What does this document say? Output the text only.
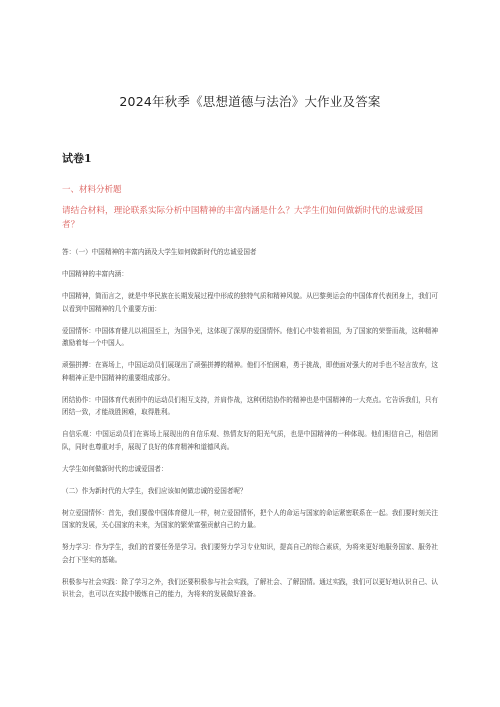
2024年秋季《思想道德与法治》大作业及答案
试卷1
一、材料分析题
请结合材料，理论联系实际分析中国精神的丰富内涵是什么？大学生们如何做新时代的忠诚爱国者？

答：（一）中国精神的丰富内涵及大学生如何做新时代的忠诚爱国者

中国精神的丰富内涵：

中国精神，简而言之，就是中华民族在长期发展过程中形成的独特气质和精神风貌。从巴黎奥运会的中国体育代表团身上，我们可以看到中国精神的几个重要方面：

爱国情怀：中国体育健儿以祖国至上，为国争光，这体现了深厚的爱国情怀。他们心中装着祖国，为了国家的荣誉而战，这种精神激励着每一个中国人。

顽强拼搏：在赛场上，中国运动员们展现出了顽强拼搏的精神。他们不怕困难，勇于挑战，即使面对强大的对手也不轻言放弃，这种精神正是中国精神的重要组成部分。

团结协作：中国体育代表团中的运动员们相互支持，并肩作战，这种团结协作的精神也是中国精神的一大亮点。它告诉我们，只有团结一致，才能战胜困难，取得胜利。

自信乐观：中国运动员们在赛场上展现出的自信乐观、热情友好的阳光气质，也是中国精神的一种体现。他们相信自己，相信团队，同时也尊重对手，展现了良好的体育精神和道德风尚。

大学生如何做新时代的忠诚爱国者：

（二）作为新时代的大学生，我们应该如何做忠诚的爱国者呢？

树立爱国情怀：首先，我们要像中国体育健儿一样，树立爱国情怀，把个人的命运与国家的命运紧密联系在一起。我们要时刻关注国家的发展，关心国家的未来，为国家的繁荣富强贡献自己的力量。

努力学习：作为学生，我们的首要任务是学习。我们要努力学习专业知识，提高自己的综合素质，为将来更好地服务国家、服务社会打下坚实的基础。

积极参与社会实践：除了学习之外，我们还要积极参与社会实践，了解社会、了解国情。通过实践，我们可以更好地认识自己、认识社会，也可以在实践中锻炼自己的能力，为将来的发展做好准备。
